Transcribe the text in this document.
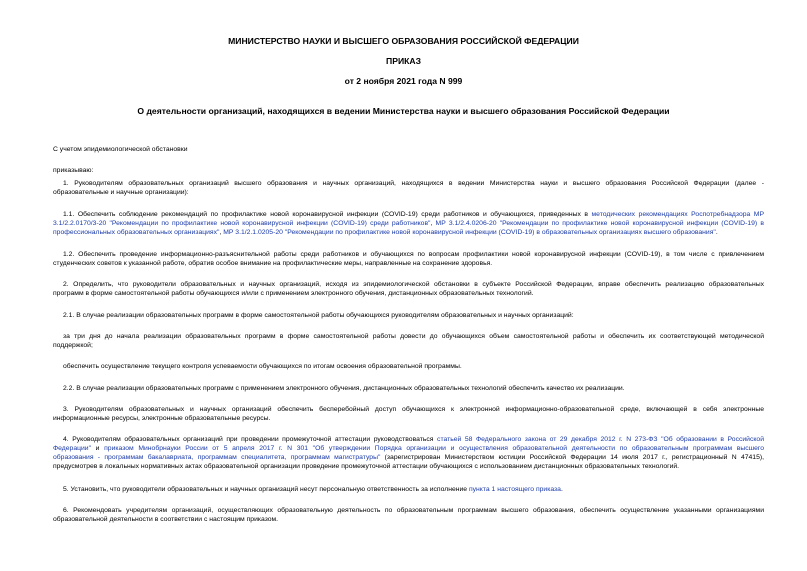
МИНИСТЕРСТВО НАУКИ И ВЫСШЕГО ОБРАЗОВАНИЯ РОССИЙСКОЙ ФЕДЕРАЦИИ
ПРИКАЗ
от 2 ноября 2021 года N 999
О деятельности организаций, находящихся в ведении Министерства науки и высшего образования Российской Федерации
С учетом эпидемиологической обстановки
приказываю:
1. Руководителям образовательных организаций высшего образования и научных организаций, находящихся в ведении Министерства науки и высшего образования Российской Федерации (далее -
образовательные и научные организации):
1.1. Обеспечить соблюдение рекомендаций по профилактике новой коронавирусной инфекции (COVID-19) среди работников и обучающихся, приведенных в методических рекомендациях Роспотребнадзора МР
3.1/2.2.0170/3-20 "Рекомендации по профилактике новой коронавирусной инфекции (COVID-19) среди работников", МР 3.1/2.4.0206-20 "Рекомендации по профилактике новой коронавирусной инфекции (COVID-19) в
профессиональных образовательных организациях", МР 3.1/2.1.0205-20 "Рекомендации по профилактике новой коронавирусной инфекции (COVID-19) в образовательных организациях высшего образования".
1.2. Обеспечить проведение информационно-разъяснительной работы среди работников и обучающихся по вопросам профилактики новой коронавирусной инфекции (COVID-19), в том числе с привлечением
студенческих советов к указанной работе, обратив особое внимание на профилактические меры, направленные на сохранение здоровья.
2. Определить, что руководители образовательных и научных организаций, исходя из эпидемиологической обстановки в субъекте Российской Федерации, вправе обеспечить реализацию образовательных
программ в форме самостоятельной работы обучающихся и/или с применением электронного обучения, дистанционных образовательных технологий.
2.1. В случае реализации образовательных программ в форме самостоятельной работы обучающихся руководителям образовательных и научных организаций:
за три дня до начала реализации образовательных программ в форме самостоятельной работы довести до обучающихся объем самостоятельной работы и обеспечить их соответствующей методической
поддержкой;
обеспечить осуществление текущего контроля успеваемости обучающихся по итогам освоения образовательной программы.
2.2. В случае реализации образовательных программ с применением электронного обучения, дистанционных образовательных технологий обеспечить качество их реализации.
3. Руководителям образовательных и научных организаций обеспечить бесперебойный доступ обучающихся к электронной информационно-образовательной среде, включающей в себя электронные
информационные ресурсы, электронные образовательные ресурсы.
4. Руководителям образовательных организаций при проведении промежуточной аттестации руководствоваться статьей 58 Федерального закона от 29 декабря 2012 г. N 273-ФЗ "Об образовании в Российской
Федерации" и приказом Минобрнауки России от 5 апреля 2017 г. N 301 "Об утверждении Порядка организации и осуществления образовательной деятельности по образовательным программам высшего
образования - программам бакалавриата, программам специалитета, программам магистратуры" (зарегистрирован Министерством юстиции Российской Федерации 14 июля 2017 г., регистрационный N 47415),
предусмотрев в локальных нормативных актах образовательной организации проведение промежуточной аттестации обучающихся с использованием дистанционных образовательных технологий.
5. Установить, что руководители образовательных и научных организаций несут персональную ответственность за исполнение пункта 1 настоящего приказа.
6. Рекомендовать учредителям организаций, осуществляющих образовательную деятельность по образовательным программам высшего образования, обеспечить осуществление указанными организациями
образовательной деятельности в соответствии с настоящим приказом.
